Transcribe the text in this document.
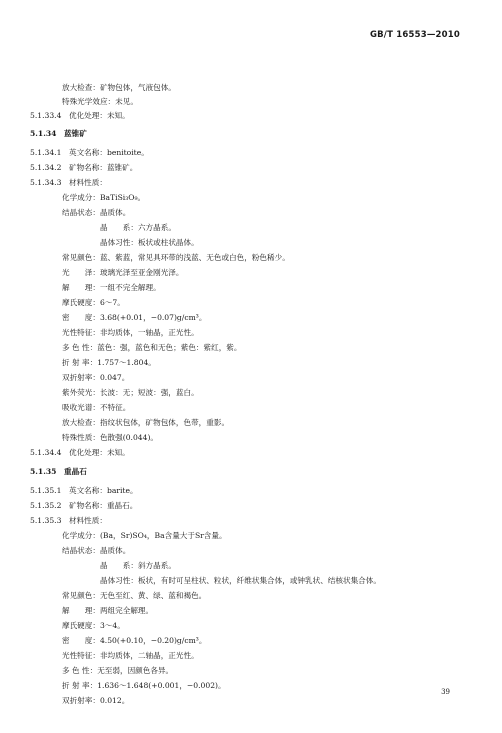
GB/T 16553—2010
放大检查：矿物包体，气液包体。
特殊光学效应：未见。
5.1.33.4　优化处理：未知。
5.1.34　蓝锥矿
5.1.34.1　英文名称：benitoite。
5.1.34.2　矿物名称：蓝锥矿。
5.1.34.3　材料性质：
化学成分：BaTiSi₃O₉。
结晶状态：晶质体。
晶　　系：六方晶系。
晶体习性：板状或柱状晶体。
常见颜色：蓝、紫蓝，常见具环带的浅蓝、无色或白色，粉色稀少。
光　　泽：玻璃光泽至亚金刚光泽。
解　　理：一组不完全解理。
摩氏硬度：6～7。
密　　度：3.68(+0.01，−0.07)g/cm³。
光性特征：非均质体，一轴晶，正光性。
多 色 性：蓝色：强，蓝色和无色；紫色：紫红，紫。
折 射 率：1.757～1.804。
双折射率：0.047。
紫外荧光：长波：无；短波：强，蓝白。
吸收光谱：不特征。
放大检查：指纹状包体，矿物包体，色带，重影。
特殊性质：色散强(0.044)。
5.1.34.4　优化处理：未知。
5.1.35　重晶石
5.1.35.1　英文名称：barite。
5.1.35.2　矿物名称：重晶石。
5.1.35.3　材料性质：
化学成分：(Ba，Sr)SO₄，Ba含量大于Sr含量。
结晶状态：晶质体。
晶　　系：斜方晶系。
晶体习性：板状，有时可呈柱状、粒状，纤维状集合体，或钟乳状、结核状集合体。
常见颜色：无色至红、黄、绿、蓝和褐色。
解　　理：两组完全解理。
摩氏硬度：3～4。
密　　度：4.50(+0.10，−0.20)g/cm³。
光性特征：非均质体，二轴晶，正光性。
多 色 性：无至弱，因颜色各异。
折 射 率：1.636～1.648(+0.001，−0.002)。
双折射率：0.012。
39
